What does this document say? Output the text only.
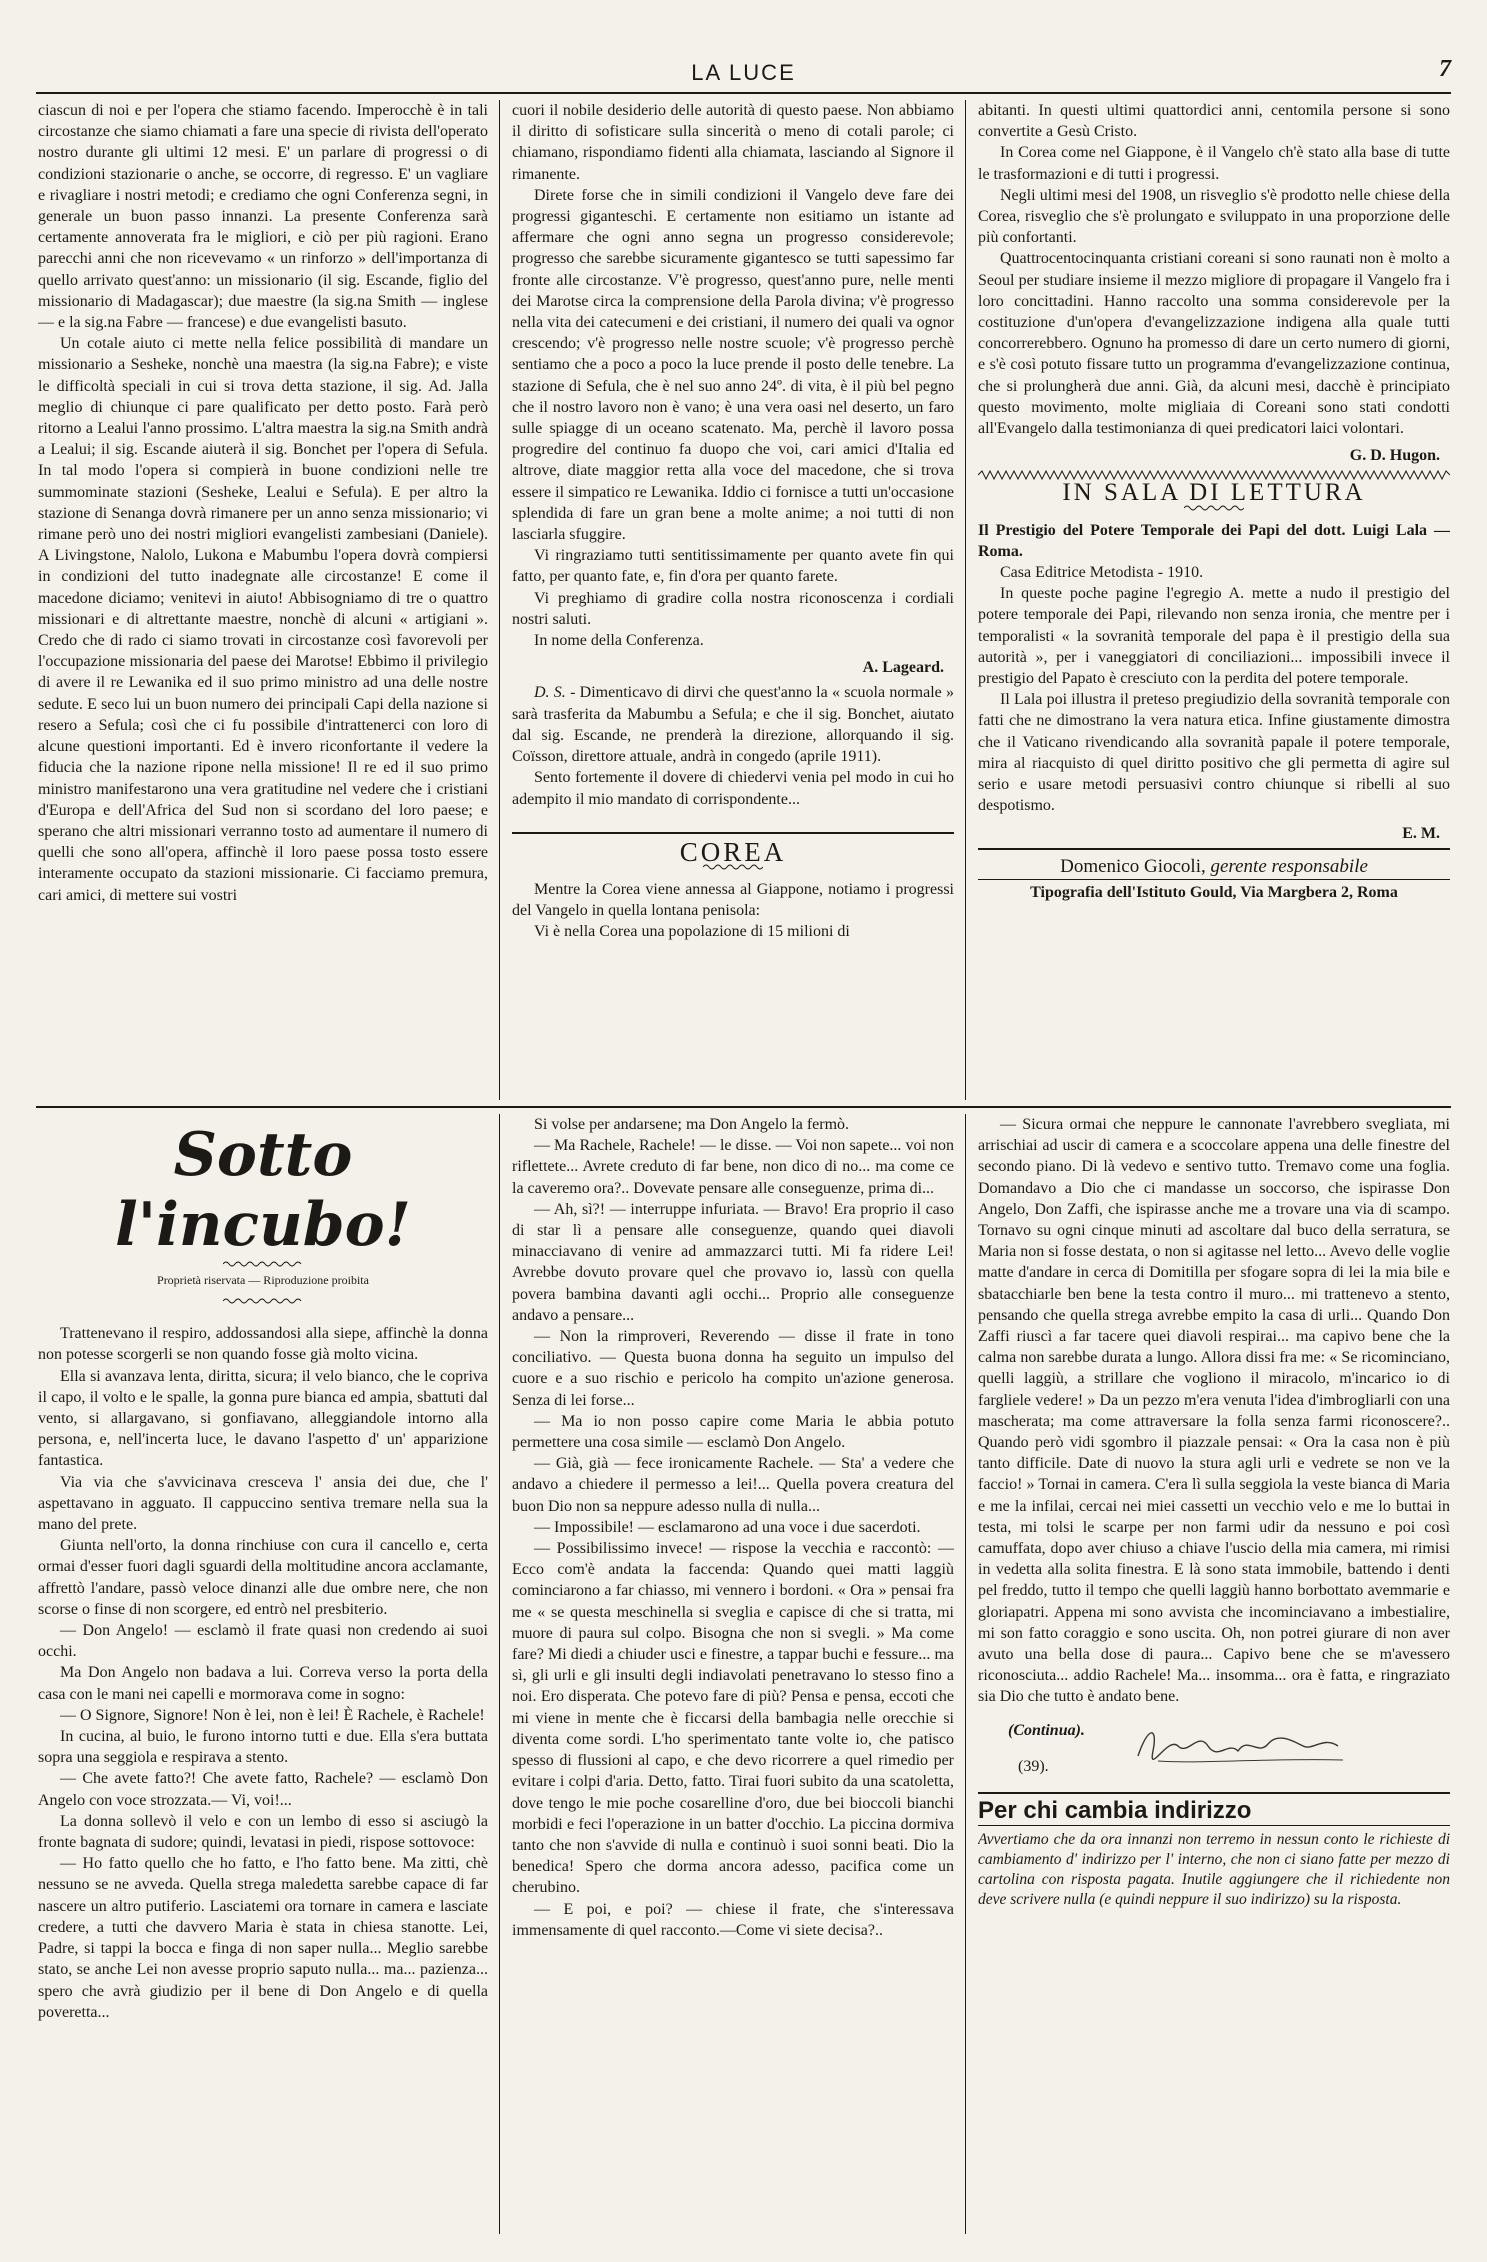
LA LUCE	7

ciascun di noi e per l'opera che stiamo facendo. Imperocchè è in tali circostanze che siamo chiamati a fare una specie di rivista dell'operato nostro durante gli ultimi 12 mesi. E' un parlare di progressi o di condizioni stazionarie o anche, se occorre, di regresso. E' un vagliare e rivagliare i nostri metodi; e crediamo che ogni Conferenza segni, in generale un buon passo innanzi. La presente Conferenza sarà certamente annoverata fra le migliori, e ciò per più ragioni. Erano parecchi anni che non ricevevamo « un rinforzo » dell'importanza di quello arrivato quest'anno: un missionario (il sig. Escande, figlio del missionario di Madagascar); due maestre (la sig.na Smith — inglese — e la sig.na Fabre — francese) e due evangelisti basuto.

Un cotale aiuto ci mette nella felice possibilità di mandare un missionario a Sesheke, nonchè una maestra (la sig.na Fabre); e viste le difficoltà speciali in cui si trova detta stazione, il sig. Ad. Jalla meglio di chiunque ci pare qualificato per detto posto. Farà però ritorno a Lealui l'anno prossimo. L'altra maestra la sig.na Smith andrà a Lealui; il sig. Escande aiuterà il sig. Bonchet per l'opera di Sefula. In tal modo l'opera si compierà in buone condizioni nelle tre summominate stazioni (Sesheke, Lealui e Sefula). E per altro la stazione di Senanga dovrà rimanere per un anno senza missionario; vi rimane però uno dei nostri migliori evangelisti zambesiani (Daniele). A Livingstone, Nalolo, Lukona e Mabumbu l'opera dovrà compiersi in condizioni del tutto inadegnate alle circostanze! E come il macedone diciamo; venitevi in aiuto! Abbisogniamo di tre o quattro missionari e di altrettante maestre, nonchè di alcuni « artigiani ». Credo che di rado ci siamo trovati in circostanze così favorevoli per l'occupazione missionaria del paese dei Marotse! Ebbimo il privilegio di avere il re Lewanika ed il suo primo ministro ad una delle nostre sedute. E seco lui un buon numero dei principali Capi della nazione si resero a Sefula; così che ci fu possibile d'intrattenerci con loro di alcune questioni importanti. Ed è invero riconfortante il vedere la fiducia che la nazione ripone nella missione! Il re ed il suo primo ministro manifestarono una vera gratitudine nel vedere che i cristiani d'Europa e dell'Africa del Sud non si scordano del loro paese; e sperano che altri missionari verranno tosto ad aumentare il numero di quelli che sono all'opera, affinchè il loro paese possa tosto essere interamente occupato da stazioni missionarie. Ci facciamo premura, cari amici, di mettere sui vostri

cuori il nobile desiderio delle autorità di questo paese. Non abbiamo il diritto di sofisticare sulla sincerità o meno di cotali parole; ci chiamano, rispondiamo fidenti alla chiamata, lasciando al Signore il rimanente.

Direte forse che in simili condizioni il Vangelo deve fare dei progressi giganteschi. E certamente non esitiamo un istante ad affermare che ogni anno segna un progresso considerevole; progresso che sarebbe sicuramente gigantesco se tutti sapessimo far fronte alle circostanze. V'è progresso, quest'anno pure, nelle menti dei Marotse circa la comprensione della Parola divina; v'è progresso nella vita dei catecumeni e dei cristiani, il numero dei quali va ognor crescendo; v'è progresso nelle nostre scuole; v'è progresso perchè sentiamo che a poco a poco la luce prende il posto delle tenebre. La stazione di Sefula, che è nel suo anno 24º. di vita, è il più bel pegno che il nostro lavoro non è vano; è una vera oasi nel deserto, un faro sulle spiagge di un oceano scatenato. Ma, perchè il lavoro possa progredire del continuo fa duopo che voi, cari amici d'Italia ed altrove, diate maggior retta alla voce del macedone, che si trova essere il simpatico re Lewanika. Iddio ci fornisce a tutti un'occasione splendida di fare un gran bene a molte anime; a noi tutti di non lasciarla sfuggire.

Vi ringraziamo tutti sentitissimamente per quanto avete fin qui fatto, per quanto fate, e, fin d'ora per quanto farete.

Vi preghiamo di gradire colla nostra riconoscenza i cordiali nostri saluti.

In nome della Conferenza.

A. Lageard.

D. S. - Dimenticavo di dirvi che quest'anno la « scuola normale » sarà trasferita da Mabumbu a Sefula; e che il sig. Bonchet, aiutato dal sig. Escande, ne prenderà la direzione, allorquando il sig. Coïsson, direttore attuale, andrà in congedo (aprile 1911).

Sento fortemente il dovere di chiedervi venia pel modo in cui ho adempito il mio mandato di corrispondente...

COREA

Mentre la Corea viene annessa al Giappone, notiamo i progressi del Vangelo in quella lontana penisola:

Vi è nella Corea una popolazione di 15 milioni di

abitanti. In questi ultimi quattordici anni, centomila persone si sono convertite a Gesù Cristo.

In Corea come nel Giappone, è il Vangelo ch'è stato alla base di tutte le trasformazioni e di tutti i progressi.

Negli ultimi mesi del 1908, un risveglio s'è prodotto nelle chiese della Corea, risveglio che s'è prolungato e sviluppato in una proporzione delle più confortanti.

Quattrocentocinquanta cristiani coreani si sono raunati non è molto a Seoul per studiare insieme il mezzo migliore di propagare il Vangelo fra i loro concittadini. Hanno raccolto una somma considerevole per la costituzione d'un'opera d'evangelizzazione indigena alla quale tutti concorrerebbero. Ognuno ha promesso di dare un certo numero di giorni, e s'è così potuto fissare tutto un programma d'evangelizzazione continua, che si prolungherà due anni. Già, da alcuni mesi, dacchè è principiato questo movimento, molte migliaia di Coreani sono stati condotti all'Evangelo dalla testimonianza di quei predicatori laici volontari.

G. D. Hugon.
IN SALA DI LETTURA

Il Prestigio del Potere Temporale dei Papi del dott. Luigi Lala — Roma.

Casa Editrice Metodista - 1910.

In queste poche pagine l'egregio A. mette a nudo il prestigio del potere temporale dei Papi, rilevando non senza ironia, che mentre per i temporalisti « la sovranità temporale del papa è il prestigio della sua autorità », per i vaneggiatori di conciliazioni... impossibili invece il prestigio del Papato è cresciuto con la perdita del potere temporale.

Il Lala poi illustra il preteso pregiudizio della sovranità temporale con fatti che ne dimostrano la vera natura etica. Infine giustamente dimostra che il Vaticano rivendicando alla sovranità papale il potere temporale, mira al riacquisto di quel diritto positivo che gli permetta di agire sul serio e usare metodi persuasivi contro chiunque si ribelli al suo despotismo.

E. M.
Domenico Giocoli, gerente responsabile
Tipografia dell'Istituto Gould, Via Margbera 2, Roma
Sotto l'incubo!
Proprietà riservata — Riproduzione proibita

Trattenevano il respiro, addossandosi alla siepe, affinchè la donna non potesse scorgerli se non quando fosse già molto vicina.

Ella si avanzava lenta, diritta, sicura; il velo bianco, che le copriva il capo, il volto e le spalle, la gonna pure bianca ed ampia, sbattuti dal vento, si allargavano, si gonfiavano, alleggiandole intorno alla persona, e, nell'incerta luce, le davano l'aspetto d' un' apparizione fantastica.

Via via che s'avvicinava cresceva l' ansia dei due, che l' aspettavano in agguato. Il cappuccino sentiva tremare nella sua la mano del prete.

Giunta nell'orto, la donna rinchiuse con cura il cancello e, certa ormai d'esser fuori dagli sguardi della moltitudine ancora acclamante, affrettò l'andare, passò veloce dinanzi alle due ombre nere, che non scorse o finse di non scorgere, ed entrò nel presbiterio.

— Don Angelo! — esclamò il frate quasi non credendo ai suoi occhi.

Ma Don Angelo non badava a lui. Correva verso la porta della casa con le mani nei capelli e mormorava come in sogno:

— O Signore, Signore! Non è lei, non è lei! È Rachele, è Rachele!

In cucina, al buio, le furono intorno tutti e due. Ella s'era buttata sopra una seggiola e respirava a stento.

— Che avete fatto?! Che avete fatto, Rachele? — esclamò Don Angelo con voce strozzata.— Vi, voi!...

La donna sollevò il velo e con un lembo di esso si asciugò la fronte bagnata di sudore; quindi, levatasi in piedi, rispose sottovoce:

— Ho fatto quello che ho fatto, e l'ho fatto bene. Ma zitti, chè nessuno se ne avveda. Quella strega maledetta sarebbe capace di far nascere un altro putiferio. Lasciatemi ora tornare in camera e lasciate credere, a tutti che davvero Maria è stata in chiesa stanotte. Lei, Padre, si tappi la bocca e finga di non saper nulla... Meglio sarebbe stato, se anche Lei non avesse proprio saputo nulla... ma... pazienza... spero che avrà giudizio per il bene di Don Angelo e di quella poveretta...

Si volse per andarsene; ma Don Angelo la fermò.

— Ma Rachele, Rachele! — le disse. — Voi non sapete... voi non riflettete... Avrete creduto di far bene, non dico di no... ma come ce la caveremo ora?.. Dovevate pensare alle conseguenze, prima di...

— Ah, sì?! — interruppe infuriata. — Bravo! Era proprio il caso di star lì a pensare alle conseguenze, quando quei diavoli minacciavano di venire ad ammazzarci tutti. Mi fa ridere Lei! Avrebbe dovuto provare quel che provavo io, lassù con quella povera bambina davanti agli occhi... Proprio alle conseguenze andavo a pensare...

— Non la rimproveri, Reverendo — disse il frate in tono conciliativo. — Questa buona donna ha seguito un impulso del cuore e a suo rischio e pericolo ha compito un'azione generosa. Senza di lei forse...

— Ma io non posso capire come Maria le abbia potuto permettere una cosa simile — esclamò Don Angelo.

— Già, già — fece ironicamente Rachele. — Sta' a vedere che andavo a chiedere il permesso a lei!... Quella povera creatura del buon Dio non sa neppure adesso nulla di nulla...

— Impossibile! — esclamarono ad una voce i due sacerdoti.

— Possibilissimo invece! — rispose la vecchia e raccontò: — Ecco com'è andata la faccenda: Quando quei matti laggiù cominciarono a far chiasso, mi vennero i bordoni. « Ora » pensai fra me « se questa meschinella si sveglia e capisce di che si tratta, mi muore di paura sul colpo. Bisogna che non si svegli. » Ma come fare? Mi diedi a chiuder usci e finestre, a tappar buchi e fessure... ma sì, gli urli e gli insulti degli indiavolati penetravano lo stesso fino a noi. Ero disperata. Che potevo fare di più? Pensa e pensa, eccoti che mi viene in mente che è ficcarsi della bambagia nelle orecchie si diventa come sordi. L'ho sperimentato tante volte io, che patisco spesso di flussioni al capo, e che devo ricorrere a quel rimedio per evitare i colpi d'aria. Detto, fatto. Tirai fuori subito da una scatoletta, dove tengo le mie poche cosarelline d'oro, due bei bioccoli bianchi morbidi e feci l'operazione in un batter d'occhio. La piccina dormiva tanto che non s'avvide di nulla e continuò i suoi sonni beati. Dio la benedica! Spero che dorma ancora adesso, pacifica come un cherubino.

— E poi, e poi? — chiese il frate, che s'interessava immensamente di quel racconto.—Come vi siete decisa?..

— Sicura ormai che neppure le cannonate l'avrebbero svegliata, mi arrischiai ad uscir di camera e a scoccolare appena una delle finestre del secondo piano. Di là vedevo e sentivo tutto. Tremavo come una foglia. Domandavo a Dio che ci mandasse un soccorso, che ispirasse Don Angelo, Don Zaffi, che ispirasse anche me a trovare una via di scampo. Tornavo su ogni cinque minuti ad ascoltare dal buco della serratura, se Maria non si fosse destata, o non si agitasse nel letto... Avevo delle voglie matte d'andare in cerca di Domitilla per sfogare sopra di lei la mia bile e sbatacchiarle ben bene la testa contro il muro... mi trattenevo a stento, pensando che quella strega avrebbe empito la casa di urli... Quando Don Zaffi riuscì a far tacere quei diavoli respirai... ma capivo bene che la calma non sarebbe durata a lungo. Allora dissi fra me: « Se ricominciano, quelli laggiù, a strillare che vogliono il miracolo, m'incarico io di fargliele vedere! » Da un pezzo m'era venuta l'idea d'imbrogliarli con una mascherata; ma come attraversare la folla senza farmi riconoscere?.. Quando però vidi sgombro il piazzale pensai: « Ora la casa non è più tanto difficile. Date di nuovo la stura agli urli e vedrete se non ve la faccio! » Tornai in camera. C'era lì sulla seggiola la veste bianca di Maria e me la infilai, cercai nei miei cassetti un vecchio velo e me lo buttai in testa, mi tolsi le scarpe per non farmi udir da nessuno e poi così camuffata, dopo aver chiuso a chiave l'uscio della mia camera, mi rimisi in vedetta alla solita finestra. E là sono stata immobile, battendo i denti pel freddo, tutto il tempo che quelli laggiù hanno borbottato avemmarie e gloriapatri. Appena mi sono avvista che incominciavano a imbestialire, mi son fatto coraggio e sono uscita. Oh, non potrei giurare di non aver avuto una bella dose di paura... Capivo bene che se m'avessero riconosciuta... addio Rachele! Ma... insomma... ora è fatta, e ringraziato sia Dio che tutto è andato bene.

(Continua).
(39).
Per chi cambia indirizzo
Avvertiamo che da ora innanzi non terremo in nessun conto le richieste di cambiamento d' indirizzo per l' interno, che non ci siano fatte per mezzo di cartolina con risposta pagata. Inutile aggiungere che il richiedente non deve scrivere nulla (e quindi neppure il suo indirizzo) su la risposta.
